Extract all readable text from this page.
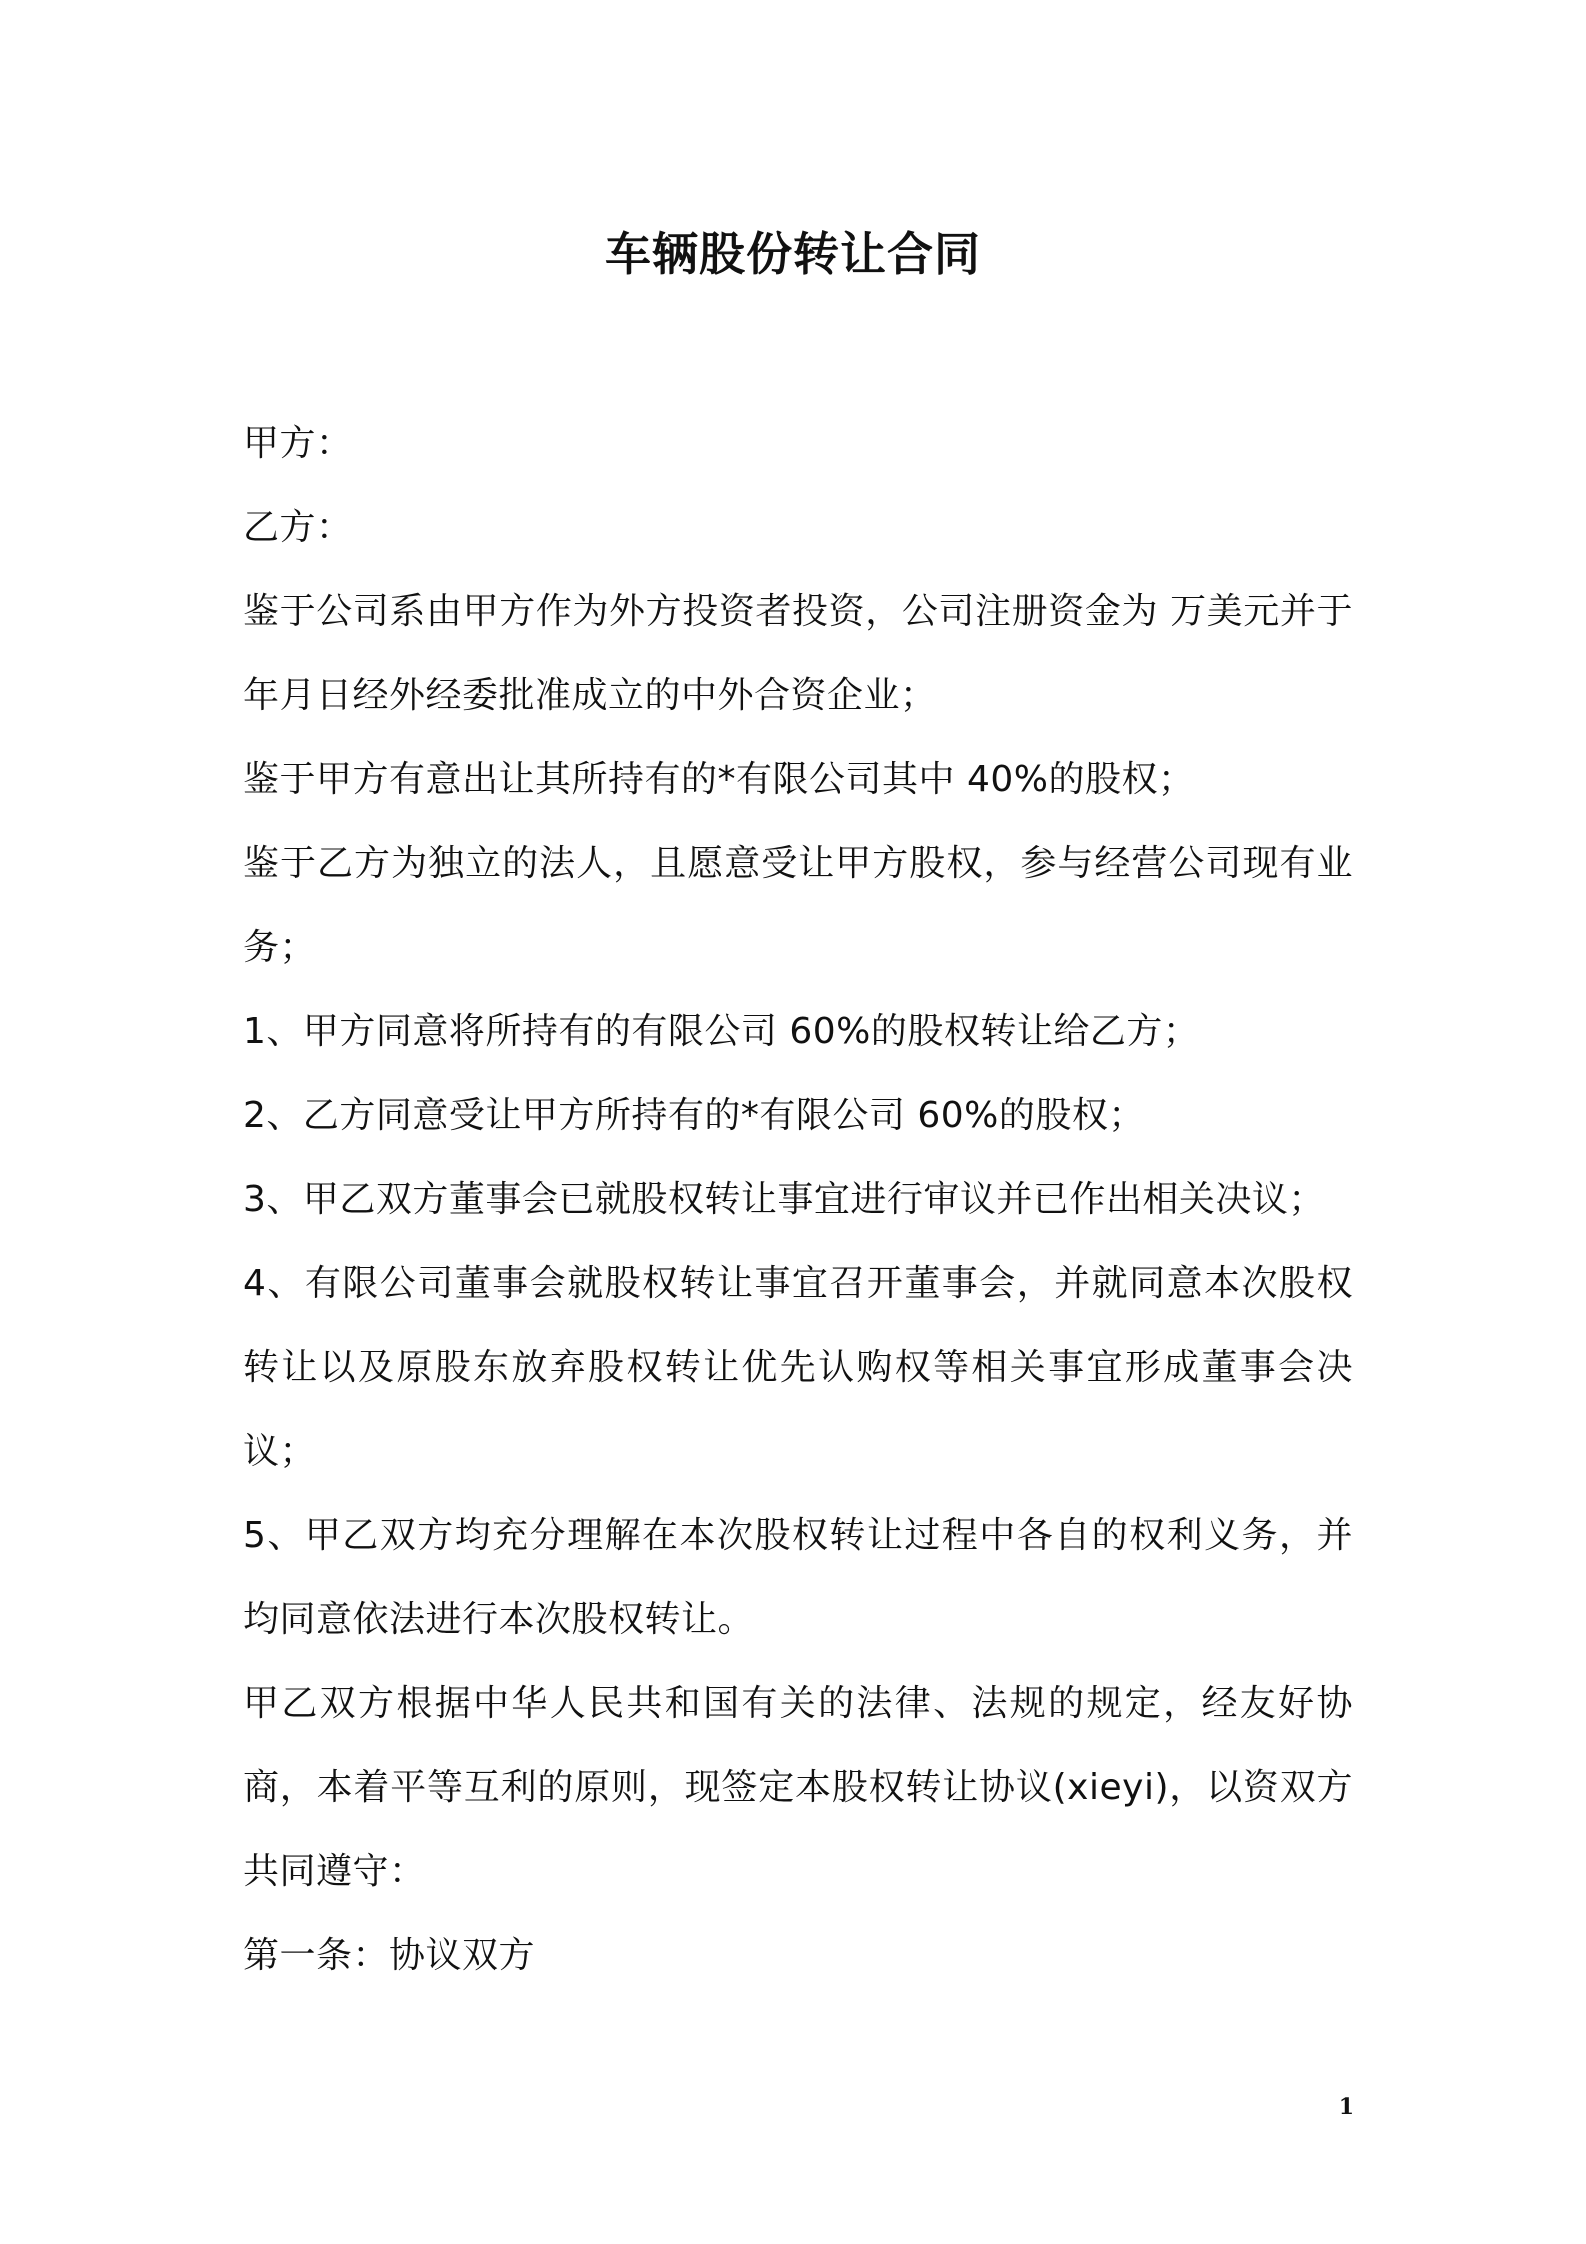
车辆股份转让合同

甲方：

乙方：

鉴于公司系由甲方作为外方投资者投资，公司注册资金为 万美元并于年月日经外经委批准成立的中外合资企业；

鉴于甲方有意出让其所持有的*有限公司其中 40%的股权；

鉴于乙方为独立的法人，且愿意受让甲方股权，参与经营公司现有业务；

1、甲方同意将所持有的有限公司 60%的股权转让给乙方；

2、乙方同意受让甲方所持有的*有限公司 60%的股权；

3、甲乙双方董事会已就股权转让事宜进行审议并已作出相关决议；

4、有限公司董事会就股权转让事宜召开董事会，并就同意本次股权转让以及原股东放弃股权转让优先认购权等相关事宜形成董事会决议；

5、甲乙双方均充分理解在本次股权转让过程中各自的权利义务，并均同意依法进行本次股权转让。

甲乙双方根据中华人民共和国有关的法律、法规的规定，经友好协商，本着平等互利的原则，现签定本股权转让协议(xieyi)，以资双方共同遵守：

第一条：协议双方

1
